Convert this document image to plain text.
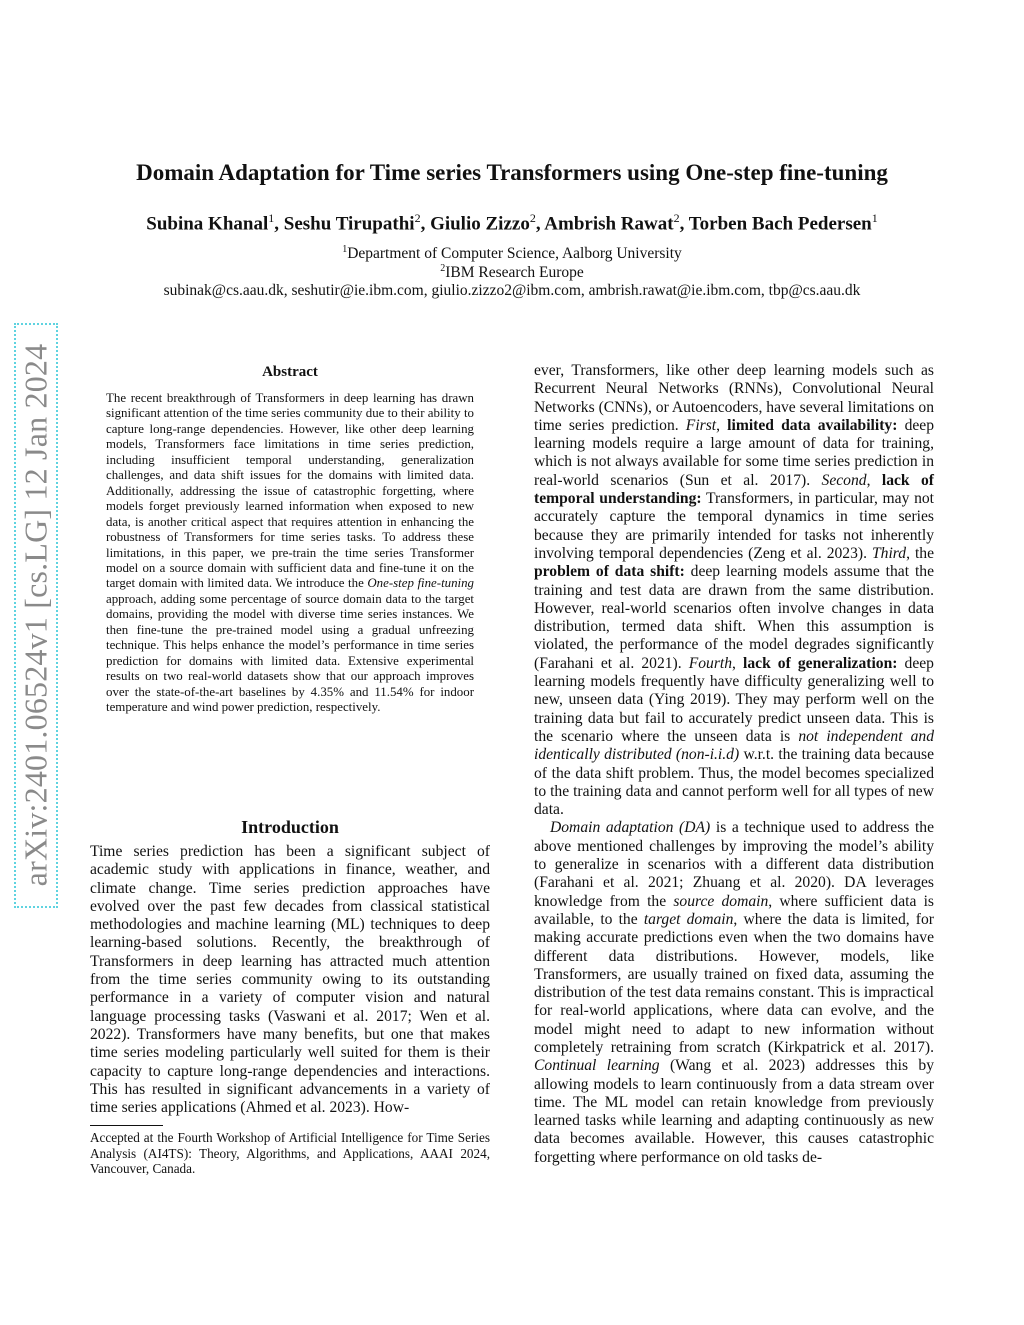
arXiv:2401.06524v1 [cs.LG] 12 Jan 2024
Domain Adaptation for Time series Transformers using One-step fine-tuning
Subina Khanal$^1$, Seshu Tirupathi$^2$, Giulio Zizzo$^2$, Ambrish Rawat$^2$, Torben Bach Pedersen$^1$
$^1$Department of Computer Science, Aalborg University
$^2$IBM Research Europe
subinak@cs.aau.dk, seshutir@ie.ibm.com, giulio.zizzo2@ibm.com, ambrish.rawat@ie.ibm.com, tbp@cs.aau.dk
Abstract
The recent breakthrough of Transformers in deep learning has drawn significant attention of the time series community due to their ability to capture long-range dependencies. However, like other deep learning models, Transformers face limitations in time series prediction, including insufficient temporal understanding, generalization challenges, and data shift issues for the domains with limited data. Additionally, addressing the issue of catastrophic forgetting, where models forget previously learned information when exposed to new data, is another critical aspect that requires attention in enhancing the robustness of Transformers for time series tasks. To address these limitations, in this paper, we pre-train the time series Transformer model on a source domain with sufficient data and fine-tune it on the target domain with limited data. We introduce the One-step fine-tuning approach, adding some percentage of source domain data to the target domains, providing the model with diverse time series instances. We then fine-tune the pre-trained model using a gradual unfreezing technique. This helps enhance the model’s performance in time series prediction for domains with limited data. Extensive experimental results on two real-world datasets show that our approach improves over the state-of-the-art baselines by 4.35% and 11.54% for indoor temperature and wind power prediction, respectively.
Introduction

Time series prediction has been a significant subject of academic study with applications in finance, weather, and climate change. Time series prediction approaches have evolved over the past few decades from classical statistical methodologies and machine learning (ML) techniques to deep learning-based solutions. Recently, the breakthrough of Transformers in deep learning has attracted much attention from the time series community owing to its outstanding performance in a variety of computer vision and natural language processing tasks (Vaswani et al. 2017; Wen et al. 2022). Transformers have many benefits, but one that makes time series modeling particularly well suited for them is their capacity to capture long-range dependencies and interactions. This has resulted in significant advancements in a variety of time series applications (Ahmed et al. 2023). How-

Accepted at the Fourth Workshop of Artificial Intelligence for Time Series Analysis (AI4TS): Theory, Algorithms, and Applications, AAAI 2024, Vancouver, Canada.

ever, Transformers, like other deep learning models such as Recurrent Neural Networks (RNNs), Convolutional Neural Networks (CNNs), or Autoencoders, have several limitations on time series prediction. First, limited data availability: deep learning models require a large amount of data for training, which is not always available for some time series prediction in real-world scenarios (Sun et al. 2017). Second, lack of temporal understanding: Transformers, in particular, may not accurately capture the temporal dynamics in time series because they are primarily intended for tasks not inherently involving temporal dependencies (Zeng et al. 2023). Third, the problem of data shift: deep learning models assume that the training and test data are drawn from the same distribution. However, real-world scenarios often involve changes in data distribution, termed data shift. When this assumption is violated, the performance of the model degrades significantly (Farahani et al. 2021). Fourth, lack of generalization: deep learning models frequently have difficulty generalizing well to new, unseen data (Ying 2019). They may perform well on the training data but fail to accurately predict unseen data. This is the scenario where the unseen data is not independent and identically distributed (non-i.i.d) w.r.t. the training data because of the data shift problem. Thus, the model becomes specialized to the training data and cannot perform well for all types of new data.

Domain adaptation (DA) is a technique used to address the above mentioned challenges by improving the model’s ability to generalize in scenarios with a different data distribution (Farahani et al. 2021; Zhuang et al. 2020). DA leverages knowledge from the source domain, where sufficient data is available, to the target domain, where the data is limited, for making accurate predictions even when the two domains have different data distributions. However, models, like Transformers, are usually trained on fixed data, assuming the distribution of the test data remains constant. This is impractical for real-world applications, where data can evolve, and the model might need to adapt to new information without completely retraining from scratch (Kirkpatrick et al. 2017). Continual learning (Wang et al. 2023) addresses this by allowing models to learn continuously from a data stream over time. The ML model can retain knowledge from previously learned tasks while learning and adapting continuously as new data becomes available. However, this causes catastrophic forgetting where performance on old tasks de-
